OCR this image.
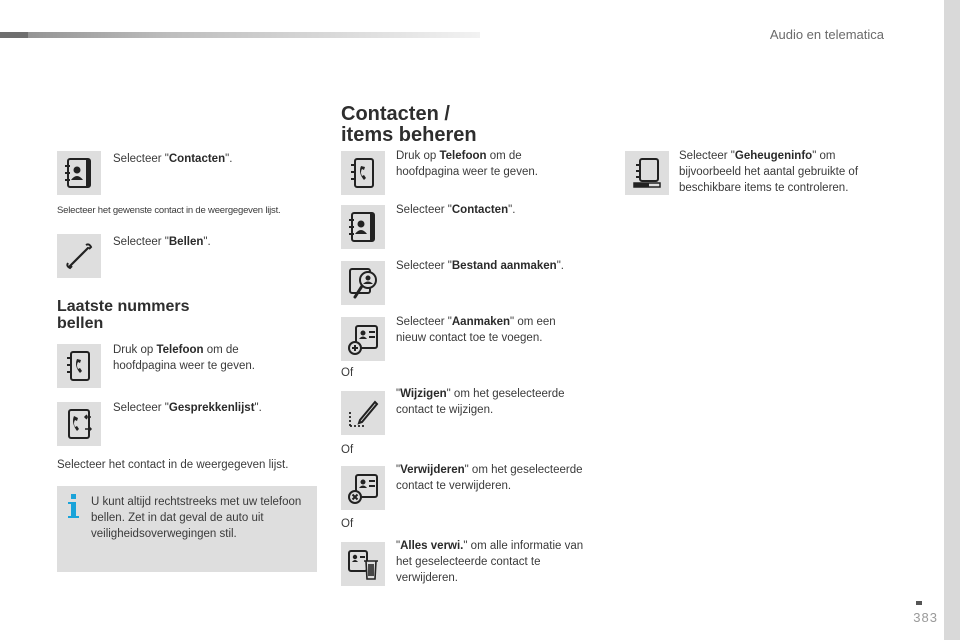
Audio en telematica
383
Selecteer "Contacten".
Selecteer het gewenste contact in de weergegeven lijst.
Selecteer "Bellen".
Laatste nummers
bellen
Druk op Telefoon om de hoofdpagina weer te geven.
Selecteer "Gesprekkenlijst".
Selecteer het contact in de weergegeven lijst.
U kunt altijd rechtstreeks met uw telefoon bellen. Zet in dat geval de auto uit veiligheidsoverwegingen stil.
Contacten /
items beheren
Druk op Telefoon om de hoofdpagina weer te geven.
Selecteer "Contacten".
Selecteer "Bestand aanmaken".
Selecteer "Aanmaken" om een nieuw contact toe te voegen.
Of
"Wijzigen" om het geselecteerde contact te wijzigen.
Of
"Verwijderen" om het geselecteerde contact te verwijderen.
Of
"Alles verwi." om alle informatie van het geselecteerde contact te verwijderen.
Selecteer "Geheugeninfo" om bijvoorbeeld het aantal gebruikte of beschikbare items te controleren.
